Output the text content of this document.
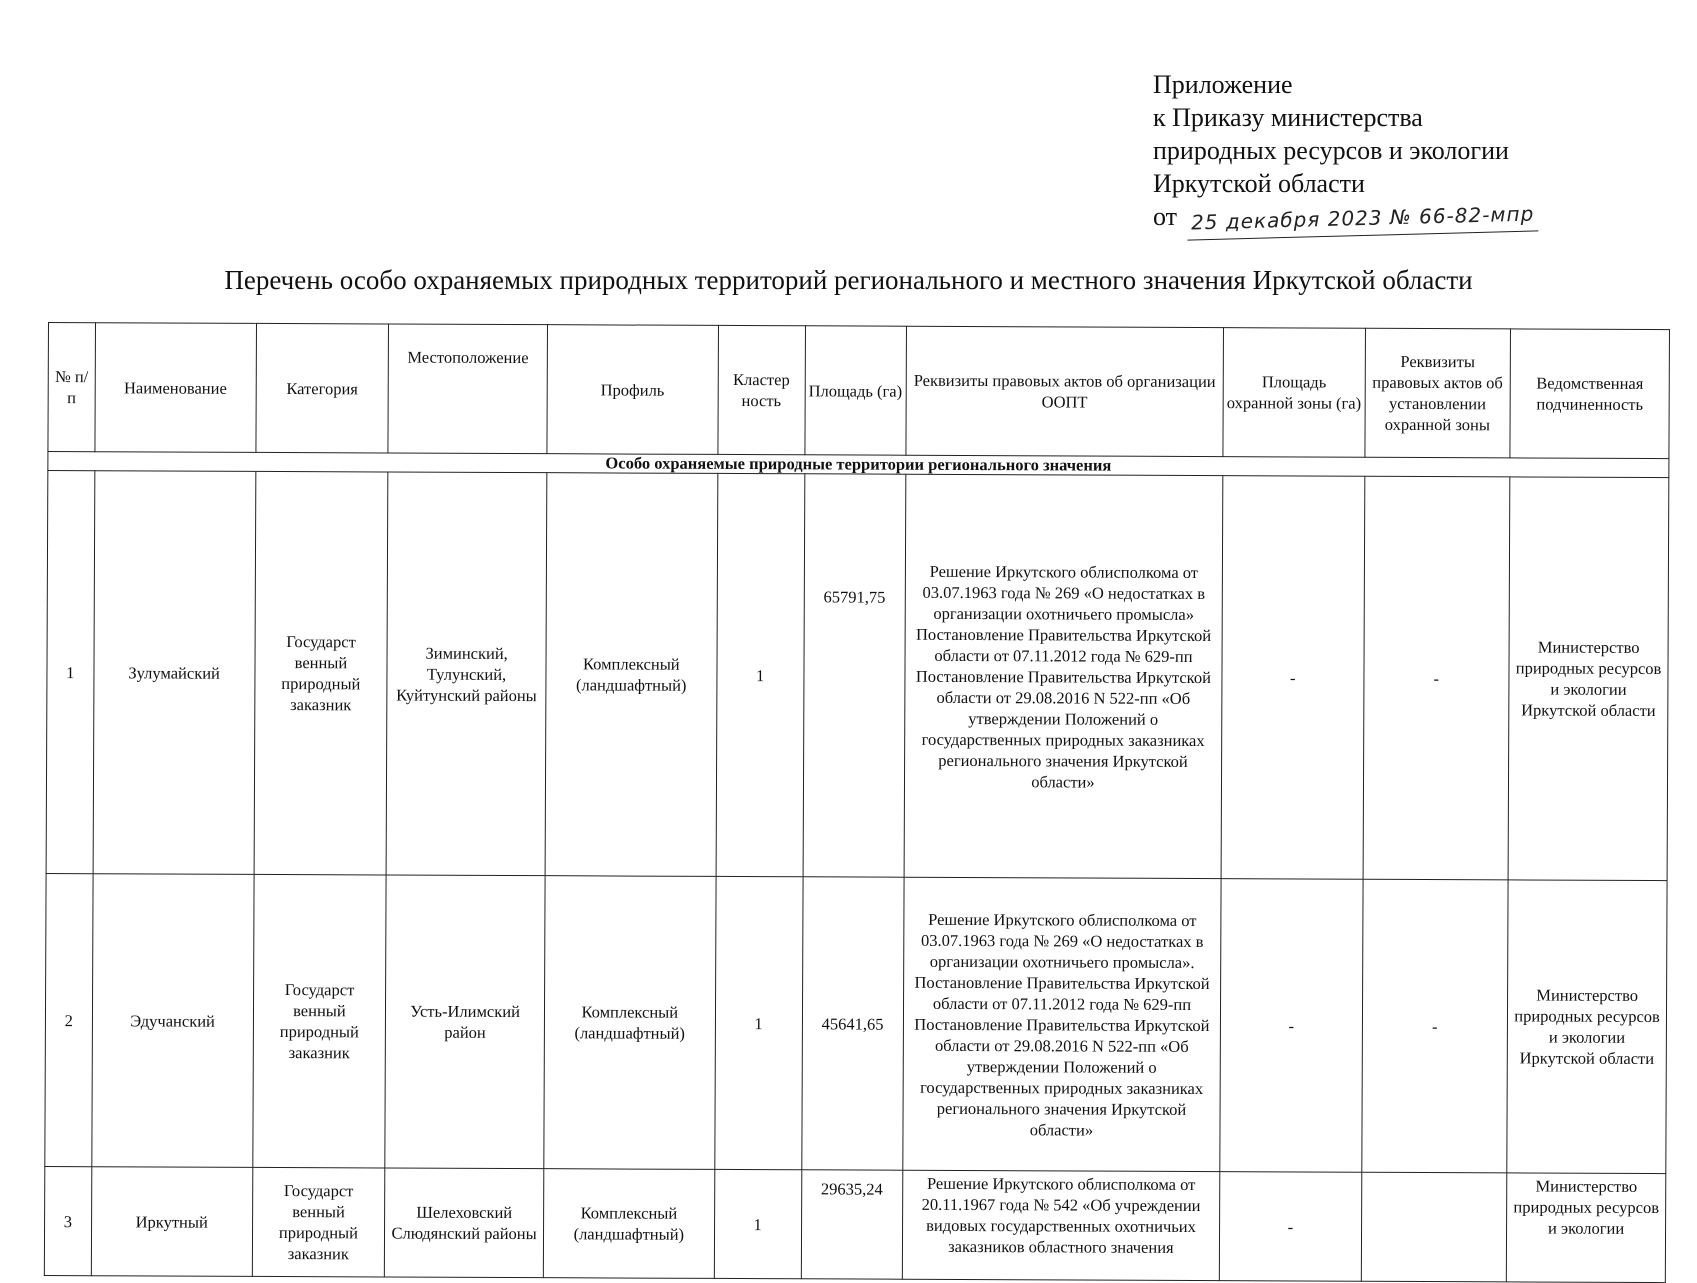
Приложение
к Приказу министерства
природных ресурсов и экологии
Иркутской области
от 25 декабря 2023 № 66-82-мпр
Перечень особо охраняемых природных территорий регионального и местного значения Иркутской области
№ п/п	Наименование	Категория	Местоположение	Профиль	Кластер ность	Площадь (га)	Реквизиты правовых актов об организации ООПТ	Площадь охранной зоны (га)	Реквизиты правовых актов об установлении охранной зоны	Ведомственная подчиненность
Особо охраняемые природные территории регионального значения										
1	Зулумайский	Государст венный природный заказник	Зиминский, Тулунский, Куйтунский районы	Комплексный (ландшафтный)	1	65791,75	Решение Иркутского облисполкома от 03.07.1963 года № 269 «О недостатках в организации охотничьего промысла» Постановление Правительства Иркутской области от 07.11.2012 года № 629-пп Постановление Правительства Иркутской области от 29.08.2016 N 522-пп «Об утверждении Положений о государственных природных заказниках регионального значения Иркутской области»	-	-	Министерство природных ресурсов и экологии Иркутской области
2	Эдучанский	Государст венный природный заказник	Усть-Илимский район	Комплексный (ландшафтный)	1	45641,65	Решение Иркутского облисполкома от 03.07.1963 года № 269 «О недостатках в организации охотничьего промысла». Постановление Правительства Иркутской области от 07.11.2012 года № 629-пп Постановление Правительства Иркутской области от 29.08.2016 N 522-пп «Об утверждении Положений о государственных природных заказниках регионального значения Иркутской области»	-	-	Министерство природных ресурсов и экологии Иркутской области
3	Иркутный	Государст венный природный заказник	Шелеховский Слюдянский районы	Комплексный (ландшафтный)	1	29635,24	Решение Иркутского облисполкома от 20.11.1967 года № 542 «Об учреждении видовых государственных охотничьих заказников областного значения	-		Министерство природных ресурсов и экологии
